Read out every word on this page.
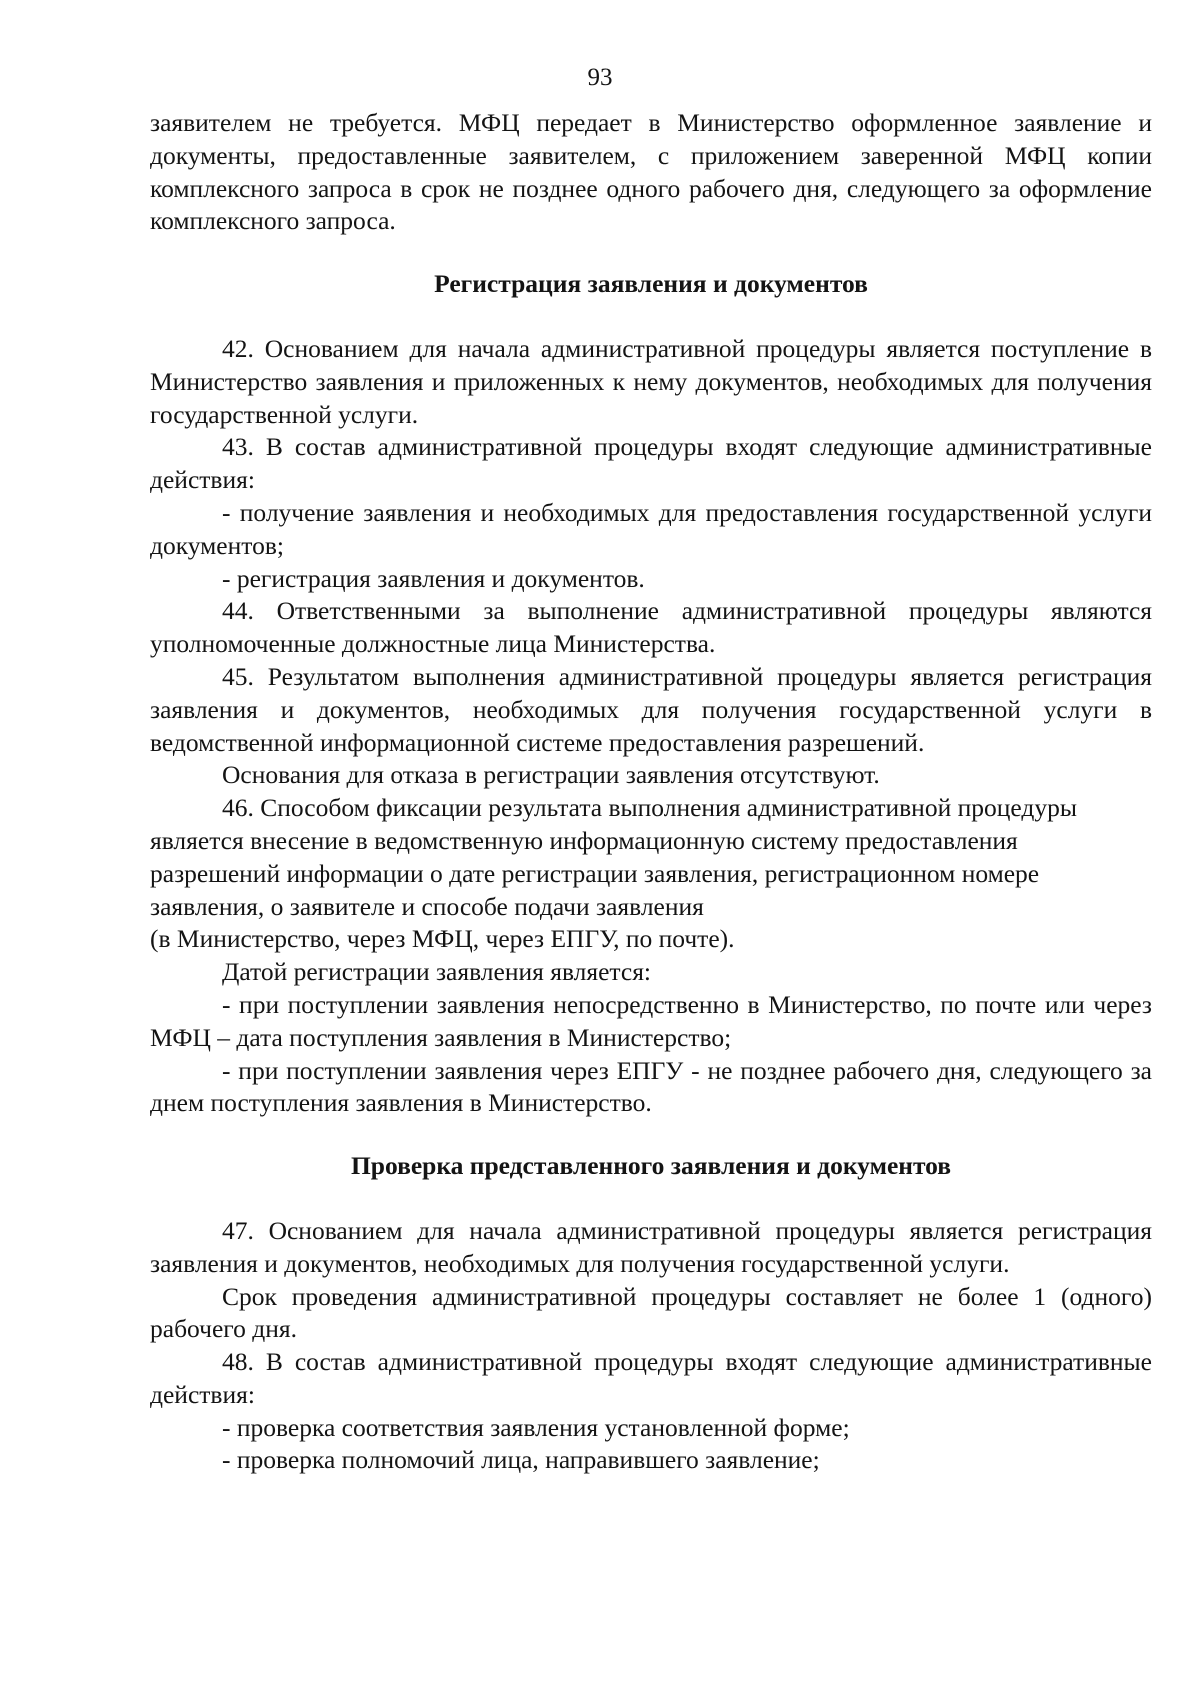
93

заявителем не требуется. МФЦ передает в Министерство оформленное заявление и документы, предоставленные заявителем, с приложением заверенной МФЦ копии комплексного запроса в срок не позднее одного рабочего дня, следующего за оформление комплексного запроса.

Регистрация заявления и документов

42. Основанием для начала административной процедуры является поступление в Министерство заявления и приложенных к нему документов, необходимых для получения государственной услуги.

43. В состав административной процедуры входят следующие административные действия:

- получение заявления и необходимых для предоставления государственной услуги документов;

- регистрация заявления и документов.

44. Ответственными за выполнение административной процедуры являются уполномоченные должностные лица Министерства.

45. Результатом выполнения административной процедуры является регистрация заявления и документов, необходимых для получения государственной услуги в ведомственной информационной системе предоставления разрешений.

Основания для отказа в регистрации заявления отсутствуют.

46. Способом фиксации результата выполнения административной процедуры является внесение в ведомственную информационную систему предоставления разрешений информации о дате регистрации заявления, регистрационном номере заявления, о заявителе и способе подачи заявления

(в Министерство, через МФЦ, через ЕПГУ, по почте).

Датой регистрации заявления является:

- при поступлении заявления непосредственно в Министерство, по почте или через МФЦ – дата поступления заявления в Министерство;

- при поступлении заявления через ЕПГУ - не позднее рабочего дня, следующего за днем поступления заявления в Министерство.

Проверка представленного заявления и документов

47. Основанием для начала административной процедуры является регистрация заявления и документов, необходимых для получения государственной услуги.

Срок проведения административной процедуры составляет не более 1 (одного) рабочего дня.

48. В состав административной процедуры входят следующие административные действия:

- проверка соответствия заявления установленной форме;

- проверка полномочий лица, направившего заявление;
